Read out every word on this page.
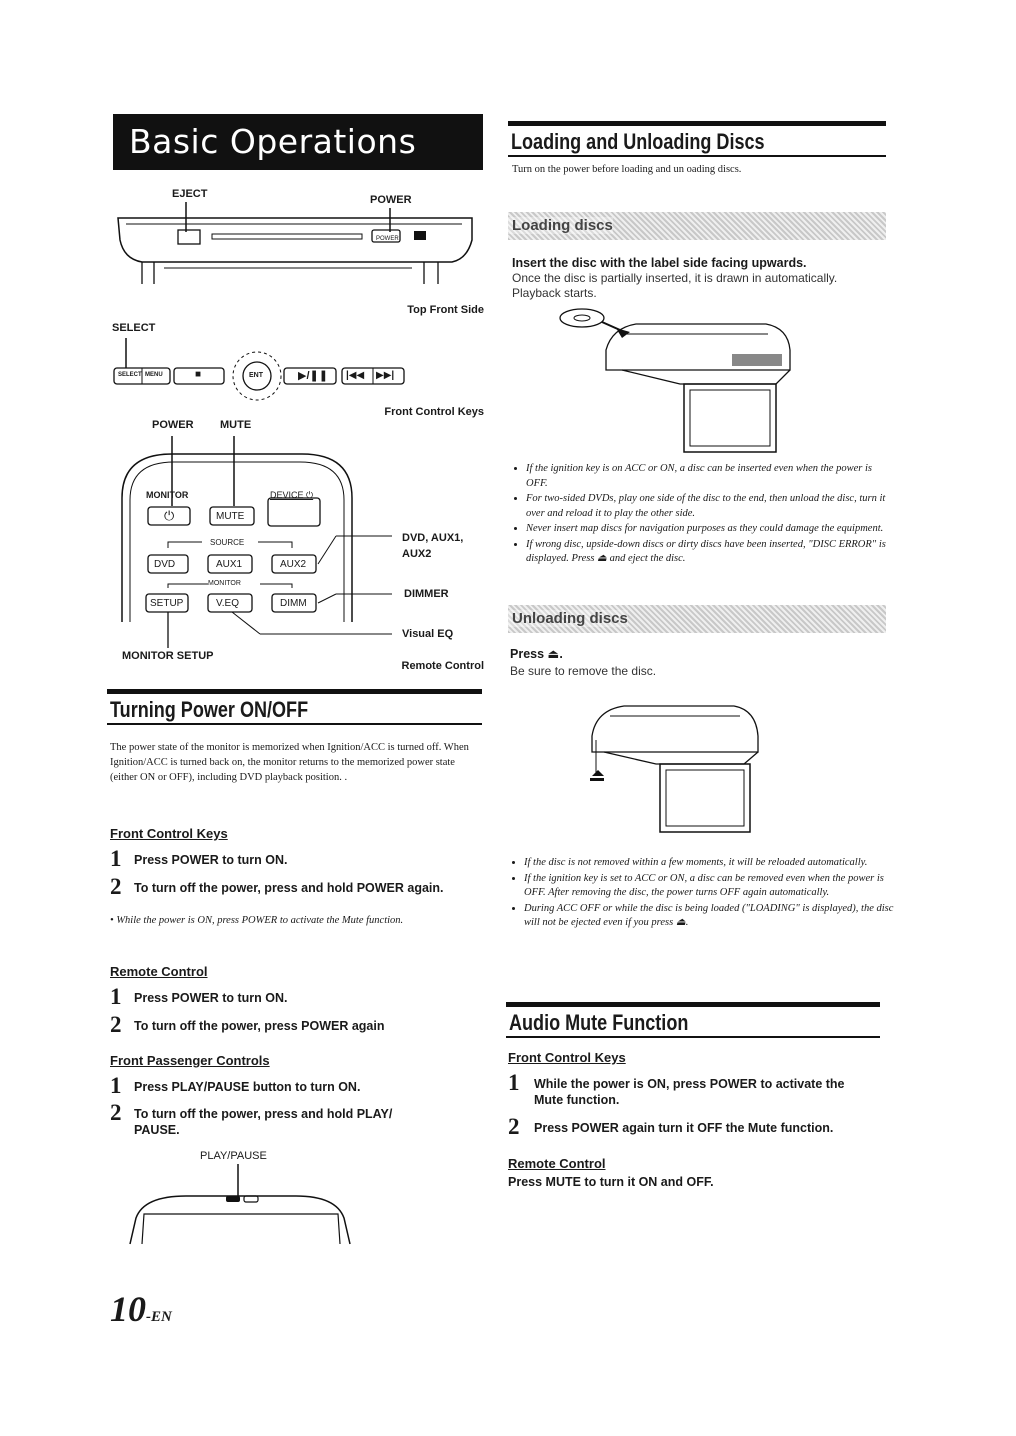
Basic Operations
EJECT	POWER
POWER
Top Front Side
SELECT
SELECT MENU	■	ENT	▶/❚❚ |◀◀ ▶▶|
Front Control Keys
POWER MUTE
MONITOR	DEVICE ⏻
⏻	MUTE
SOURCE
DVD	AUX1	AUX2
MONITOR
SETUP	V.EQ	DIMM
DVD, AUX1,
AUX2
DIMMER
Visual EQ
MONITOR SETUP
Remote Control
Turning Power ON/OFF
The power state of the monitor is memorized when Ignition/ACC is turned off. When Ignition/ACC is turned back on, the monitor returns to the memorized power state (either ON or OFF), including DVD playback position. .
Front Control Keys
1 Press POWER to turn ON.
2 To turn off the power, press and hold POWER again.
• While the power is ON, press POWER to activate the Mute function.
Remote Control
1 Press POWER to turn ON.
2 To turn off the power, press POWER again
Front Passenger Controls
1 Press PLAY/PAUSE button to turn ON.
2 To turn off the power, press and hold PLAY/ PAUSE.
PLAY/PAUSE
10-EN
Loading and Unloading Discs
Turn on the power before loading and un oading discs.
Loading discs
Insert the disc with the label side facing upwards.
Once the disc is partially inserted, it is drawn in automatically. Playback starts.
• If the ignition key is on ACC or ON, a disc can be inserted even when the power is OFF.
• For two-sided DVDs, play one side of the disc to the end, then unload the disc, turn it over and reload it to play the other side.
• Never insert map discs for navigation purposes as they could damage the equipment.
• If wrong disc, upside-down discs or dirty discs have been inserted, "DISC ERROR" is displayed. Press ⏏ and eject the disc.
Unloading discs
Press ⏏.
Be sure to remove the disc.
• If the disc is not removed within a few moments, it will be reloaded automatically.
• If the ignition key is set to ACC or ON, a disc can be removed even when the power is OFF. After removing the disc, the power turns OFF again automatically.
• During ACC OFF or while the disc is being loaded ("LOADING" is displayed), the disc will not be ejected even if you press ⏏.
Audio Mute Function
Front Control Keys
1 While the power is ON, press POWER to activate the Mute function.
2 Press POWER again turn it OFF the Mute function.
Remote Control
Press MUTE to turn it ON and OFF.
